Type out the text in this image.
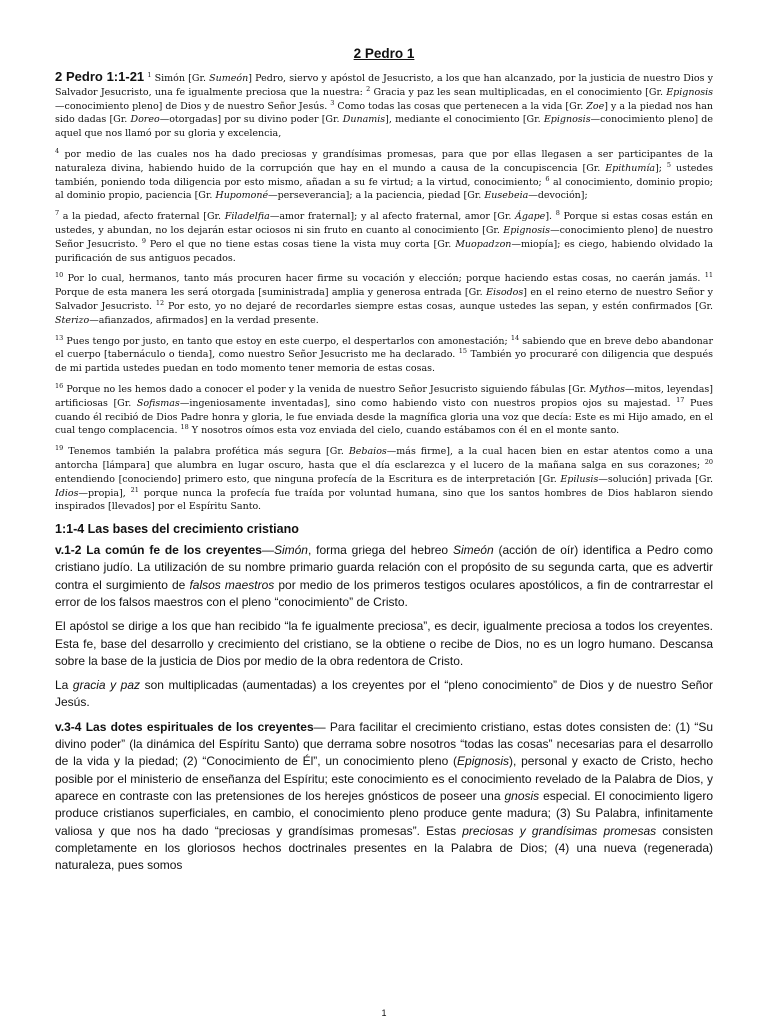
2 Pedro 1

2 Pedro 1:1-21 $^1$ Simón [Gr. Sumeón] Pedro, siervo y apóstol de Jesucristo, a los que han alcanzado, por la justicia de nuestro Dios y Salvador Jesucristo, una fe igualmente preciosa que la nuestra: $^2$ Gracia y paz les sean multiplicadas, en el conocimiento [Gr. Epignosis—conocimiento pleno] de Dios y de nuestro Señor Jesús. $^3$ Como todas las cosas que pertenecen a la vida [Gr. Zoe] y a la piedad nos han sido dadas [Gr. Doreo—otorgadas] por su divino poder [Gr. Dunamis], mediante el conocimiento [Gr. Epignosis—conocimiento pleno] de aquel que nos llamó por su gloria y excelencia,

$^4$ por medio de las cuales nos ha dado preciosas y grandísimas promesas, para que por ellas llegasen a ser participantes de la naturaleza divina, habiendo huido de la corrupción que hay en el mundo a causa de la concupiscencia [Gr. Epithumía]; $^5$ ustedes también, poniendo toda diligencia por esto mismo, añadan a su fe virtud; a la virtud, conocimiento; $^6$ al conocimiento, dominio propio; al dominio propio, paciencia [Gr. Hupomoné—perseverancia]; a la paciencia, piedad [Gr. Eusebeia—devoción];

$^7$ a la piedad, afecto fraternal [Gr. Filadelfia—amor fraternal]; y al afecto fraternal, amor [Gr. Ágape]. $^8$ Porque si estas cosas están en ustedes, y abundan, no los dejarán estar ociosos ni sin fruto en cuanto al conocimiento [Gr. Epignosis—conocimiento pleno] de nuestro Señor Jesucristo. $^9$ Pero el que no tiene estas cosas tiene la vista muy corta [Gr. Muopadzon—miopía]; es ciego, habiendo olvidado la purificación de sus antiguos pecados.

$^{10}$ Por lo cual, hermanos, tanto más procuren hacer firme su vocación y elección; porque haciendo estas cosas, no caerán jamás. $^{11}$ Porque de esta manera les será otorgada [suministrada] amplia y generosa entrada [Gr. Eisodos] en el reino eterno de nuestro Señor y Salvador Jesucristo. $^{12}$ Por esto, yo no dejaré de recordarles siempre estas cosas, aunque ustedes las sepan, y estén confirmados [Gr. Sterizo—afianzados, afirmados] en la verdad presente.

$^{13}$ Pues tengo por justo, en tanto que estoy en este cuerpo, el despertarlos con amonestación; $^{14}$ sabiendo que en breve debo abandonar el cuerpo [tabernáculo o tienda], como nuestro Señor Jesucristo me ha declarado. $^{15}$ También yo procuraré con diligencia que después de mi partida ustedes puedan en todo momento tener memoria de estas cosas.

$^{16}$ Porque no les hemos dado a conocer el poder y la venida de nuestro Señor Jesucristo siguiendo fábulas [Gr. Mythos—mitos, leyendas] artificiosas [Gr. Sofismas—ingeniosamente inventadas], sino como habiendo visto con nuestros propios ojos su majestad. $^{17}$ Pues cuando él recibió de Dios Padre honra y gloria, le fue enviada desde la magnífica gloria una voz que decía: Este es mi Hijo amado, en el cual tengo complacencia. $^{18}$ Y nosotros oímos esta voz enviada del cielo, cuando estábamos con él en el monte santo.

$^{19}$ Tenemos también la palabra profética más segura [Gr. Bebaios—más firme], a la cual hacen bien en estar atentos como a una antorcha [lámpara] que alumbra en lugar oscuro, hasta que el día esclarezca y el lucero de la mañana salga en sus corazones; $^{20}$ entendiendo [conociendo] primero esto, que ninguna profecía de la Escritura es de interpretación [Gr. Epilusis—solución] privada [Gr. Idios—propia], $^{21}$ porque nunca la profecía fue traída por voluntad humana, sino que los santos hombres de Dios hablaron siendo inspirados [llevados] por el Espíritu Santo.

1:1-4 Las bases del crecimiento cristiano

v.1-2 La común fe de los creyentes—Simón, forma griega del hebreo Simeón (acción de oír) identifica a Pedro como cristiano judío. La utilización de su nombre primario guarda relación con el propósito de su segunda carta, que es advertir contra el surgimiento de falsos maestros por medio de los primeros testigos oculares apostólicos, a fin de contrarrestar el error de los falsos maestros con el pleno “conocimiento” de Cristo.

El apóstol se dirige a los que han recibido “la fe igualmente preciosa”, es decir, igualmente preciosa a todos los creyentes. Esta fe, base del desarrollo y crecimiento del cristiano, se la obtiene o recibe de Dios, no es un logro humano. Descansa sobre la base de la justicia de Dios por medio de la obra redentora de Cristo.

La gracia y paz son multiplicadas (aumentadas) a los creyentes por el “pleno conocimiento” de Dios y de nuestro Señor Jesús.

v.3-4 Las dotes espirituales de los creyentes— Para facilitar el crecimiento cristiano, estas dotes consisten de: (1) “Su divino poder” (la dinámica del Espíritu Santo) que derrama sobre nosotros “todas las cosas” necesarias para el desarrollo de la vida y la piedad; (2) “Conocimiento de Él”, un conocimiento pleno (Epignosis), personal y exacto de Cristo, hecho posible por el ministerio de enseñanza del Espíritu; este conocimiento es el conocimiento revelado de la Palabra de Dios, y aparece en contraste con las pretensiones de los herejes gnósticos de poseer una gnosis especial. El conocimiento ligero produce cristianos superficiales, en cambio, el conocimiento pleno produce gente madura; (3) Su Palabra, infinitamente valiosa y que nos ha dado “preciosas y grandísimas promesas”. Estas preciosas y grandísimas promesas consisten completamente en los gloriosos hechos doctrinales presentes en la Palabra de Dios; (4) una nueva (regenerada) naturaleza, pues somos

1
